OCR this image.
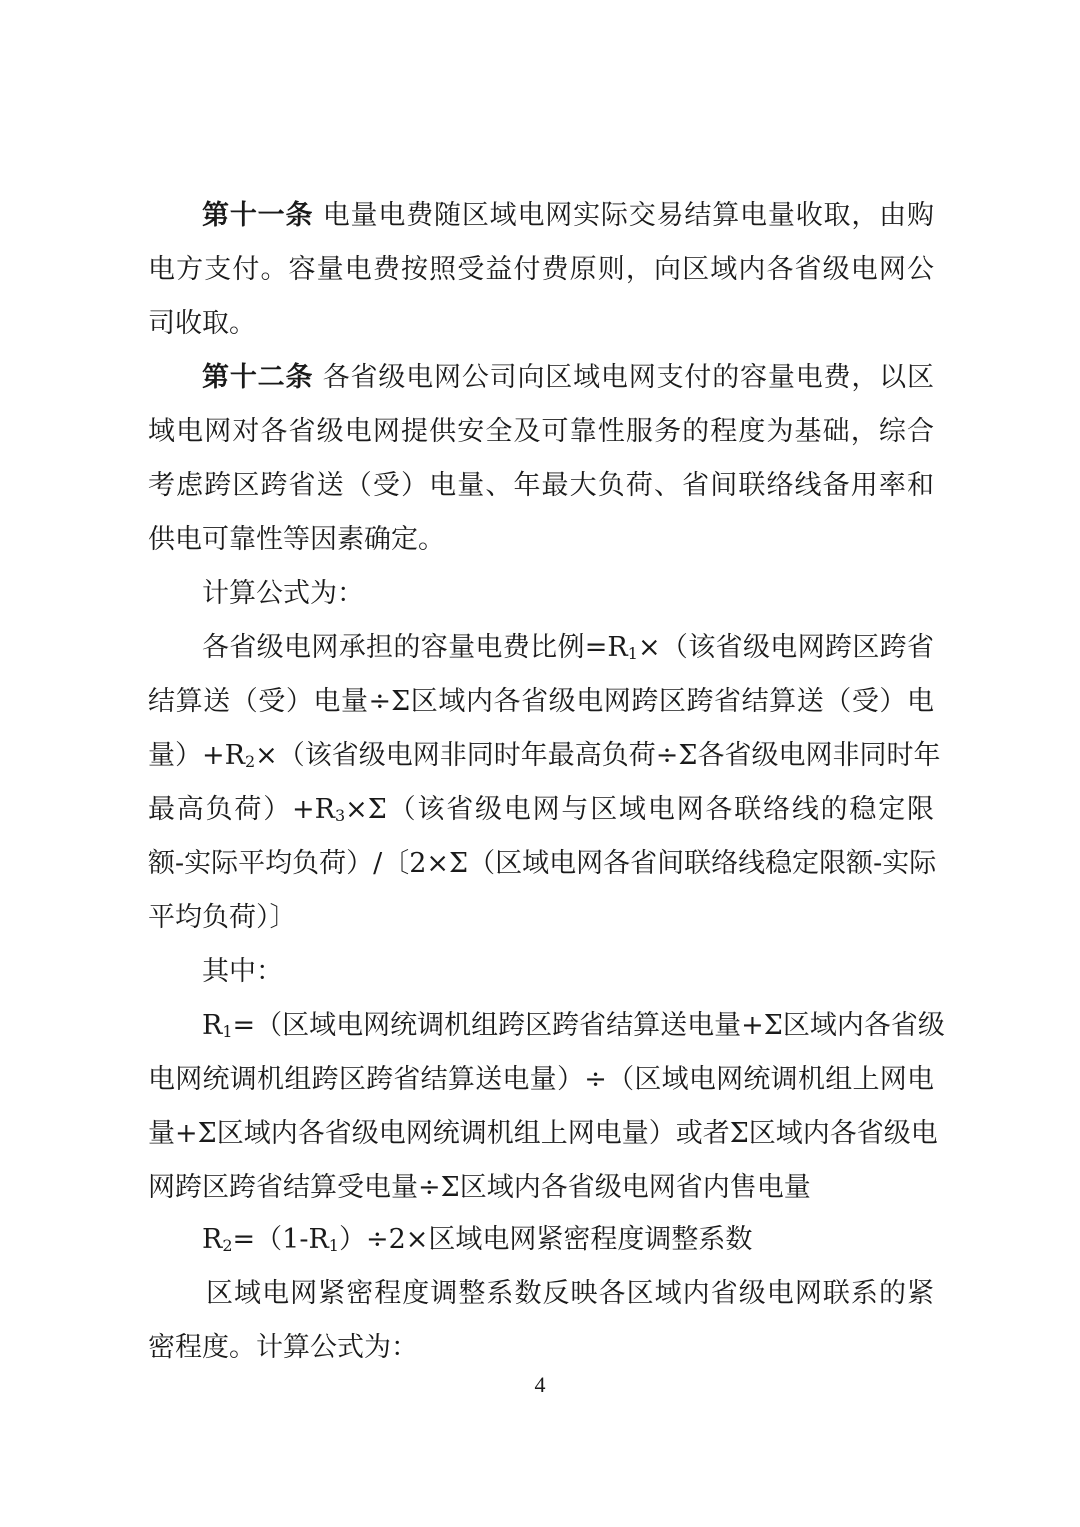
第十一条 电量电费随区域电网实际交易结算电量收取，由购
电方支付。容量电费按照受益付费原则，向区域内各省级电网公
司收取。
第十二条 各省级电网公司向区域电网支付的容量电费，以区
域电网对各省级电网提供安全及可靠性服务的程度为基础，综合
考虑跨区跨省送（受）电量、年最大负荷、省间联络线备用率和
供电可靠性等因素确定。
计算公式为：
各省级电网承担的容量电费比例$=R_1\times$（该省级电网跨区跨省
结算送（受）电量÷Σ区域内各省级电网跨区跨省结算送（受）电
量）$+R_2\times$（该省级电网非同时年最高负荷÷Σ各省级电网非同时年
最高负荷）$+R_3\times\Sigma$（该省级电网与区域电网各联络线的稳定限
额-实际平均负荷）/〔2×Σ（区域电网各省间联络线稳定限额-实际
平均负荷）〕
其中：
$R_1=$（区域电网统调机组跨区跨省结算送电量+Σ区域内各省级
电网统调机组跨区跨省结算送电量）÷（区域电网统调机组上网电
量+Σ区域内各省级电网统调机组上网电量）或者Σ区域内各省级电
网跨区跨省结算受电量÷Σ区域内各省级电网省内售电量
$R_2=(1-R_1)\div 2\times$区域电网紧密程度调整系数
区域电网紧密程度调整系数反映各区域内省级电网联系的紧
密程度。计算公式为：
4
